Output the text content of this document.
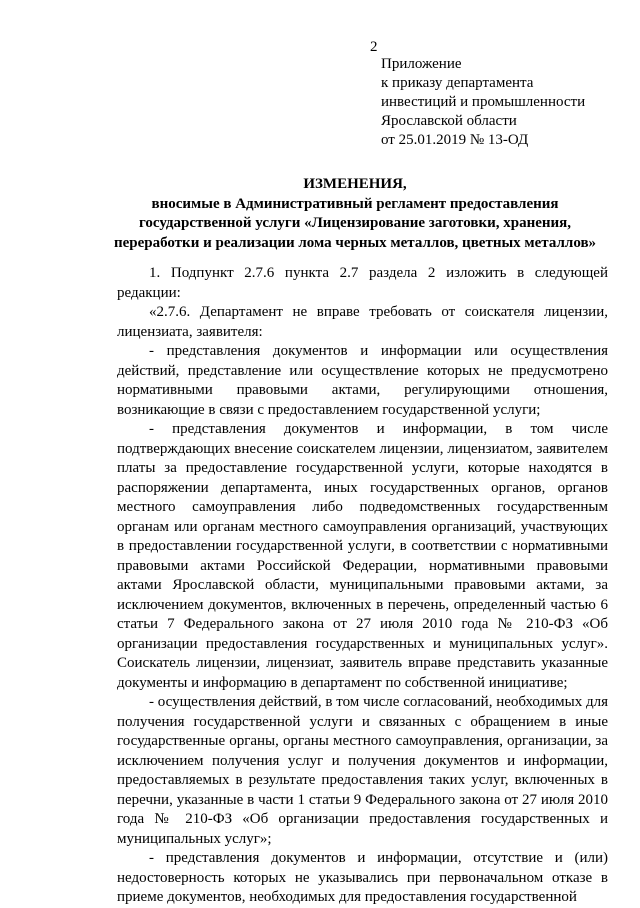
2
Приложение
к приказу департамента
инвестиций и промышленности
Ярославской области
от 25.01.2019 № 13-ОД
ИЗМЕНЕНИЯ,
вносимые в Административный регламент предоставления
государственной услуги «Лицензирование заготовки, хранения,
переработки и реализации лома черных металлов, цветных металлов»

1. Подпункт 2.7.6 пункта 2.7 раздела 2 изложить в следующей редакции:

«2.7.6. Департамент не вправе требовать от соискателя лицензии, лицензиата, заявителя:

- представления документов и информации или осуществления действий, представление или осуществление которых не предусмотрено нормативными правовыми актами, регулирующими отношения, возникающие в связи с предоставлением государственной услуги;

- представления документов и информации, в том числе подтверждающих внесение соискателем лицензии, лицензиатом, заявителем платы за предоставление государственной услуги, которые находятся в распоряжении департамента, иных государственных органов, органов местного самоуправления либо подведомственных государственным органам или органам местного самоуправления организаций, участвующих в предоставлении государственной услуги, в соответствии с нормативными правовыми актами Российской Федерации, нормативными правовыми актами Ярославской области, муниципальными правовыми актами, за исключением документов, включенных в перечень, определенный частью 6 статьи 7 Федерального закона от 27 июля 2010 года № 210-ФЗ «Об организации предоставления государственных и муниципальных услуг». Соискатель лицензии, лицензиат, заявитель вправе представить указанные документы и информацию в департамент по собственной инициативе;

- осуществления действий, в том числе согласований, необходимых для получения государственной услуги и связанных с обращением в иные государственные органы, органы местного самоуправления, организации, за исключением получения услуг и получения документов и информации, предоставляемых в результате предоставления таких услуг, включенных в перечни, указанные в части 1 статьи 9 Федерального закона от 27 июля 2010 года № 210-ФЗ «Об организации предоставления государственных и муниципальных услуг»;

- представления документов и информации, отсутствие и (или) недостоверность которых не указывались при первоначальном отказе в приеме документов, необходимых для предоставления государственной
